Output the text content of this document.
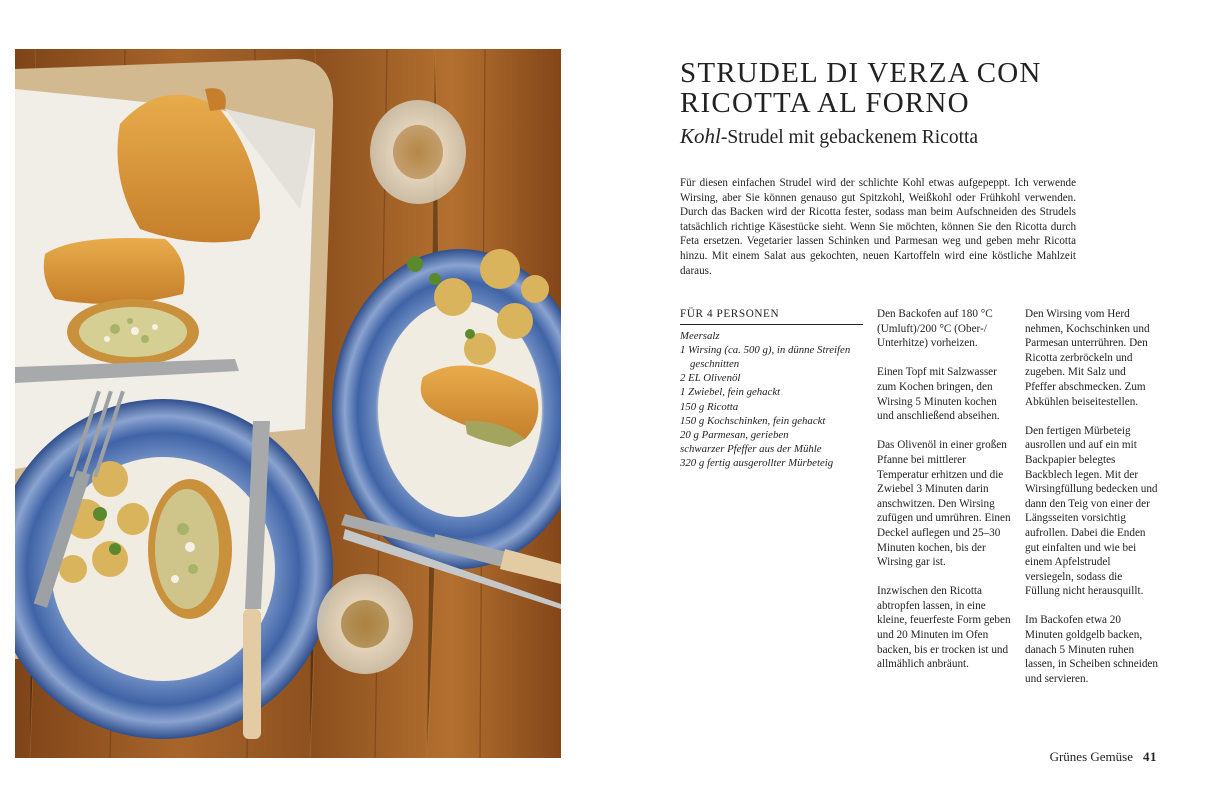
STRUDEL DI VERZA CON RICOTTA AL FORNO
Kohl-Strudel mit gebackenem Ricotta

Für diesen einfachen Strudel wird der schlichte Kohl etwas aufgepeppt. Ich verwende Wirsing, aber Sie können genauso gut Spitzkohl, Weißkohl oder Frühkohl verwenden. Durch das Backen wird der Ricotta fester, sodass man beim Aufschneiden des Strudels tatsächlich richtige Käsestücke sieht. Wenn Sie möchten, können Sie den Ricotta durch Feta ersetzen. Vegetarier lassen Schinken und Parmesan weg und geben mehr Ricotta hinzu. Mit einem Salat aus gekochten, neuen Kartoffeln wird eine köstliche Mahlzeit daraus.

FÜR 4 PERSONEN
Meersalz
1 Wirsing (ca. 500 g), in dünne Streifen geschnitten
2 EL Olivenöl
1 Zwiebel, fein gehackt
150 g Ricotta
150 g Kochschinken, fein gehackt
20 g Parmesan, gerieben
schwarzer Pfeffer aus der Mühle
320 g fertig ausgerollter Mürbeteig

Den Backofen auf 180 °C (Umluft)/200 °C (Ober-/ Unterhitze) vorheizen.

Einen Topf mit Salzwasser zum Kochen bringen, den Wirsing 5 Minuten kochen und anschließend abseihen.

Das Olivenöl in einer großen Pfanne bei mittlerer Temperatur erhitzen und die Zwiebel 3 Minuten darin anschwitzen. Den Wirsing zufügen und umrühren. Einen Deckel auflegen und 25–30 Minuten kochen, bis der Wirsing gar ist.

Inzwischen den Ricotta abtropfen lassen, in eine kleine, feuerfeste Form geben und 20 Minuten im Ofen backen, bis er trocken ist und allmählich anbräunt.

Den Wirsing vom Herd nehmen, Kochschinken und Parmesan unterrühren. Den Ricotta zerbröckeln und zugeben. Mit Salz und Pfeffer abschmecken. Zum Abkühlen beiseitestellen.

Den fertigen Mürbeteig ausrollen und auf ein mit Backpapier belegtes Backblech legen. Mit der Wirsingfüllung bedecken und dann den Teig von einer der Längsseiten vorsichtig aufrollen. Dabei die Enden gut einfalten und wie bei einem Apfelstrudel versiegeln, sodass die Füllung nicht herausquillt.

Im Backofen etwa 20 Minuten goldgelb backen, danach 5 Minuten ruhen lassen, in Scheiben schneiden und servieren.

Grünes Gemüse 41
